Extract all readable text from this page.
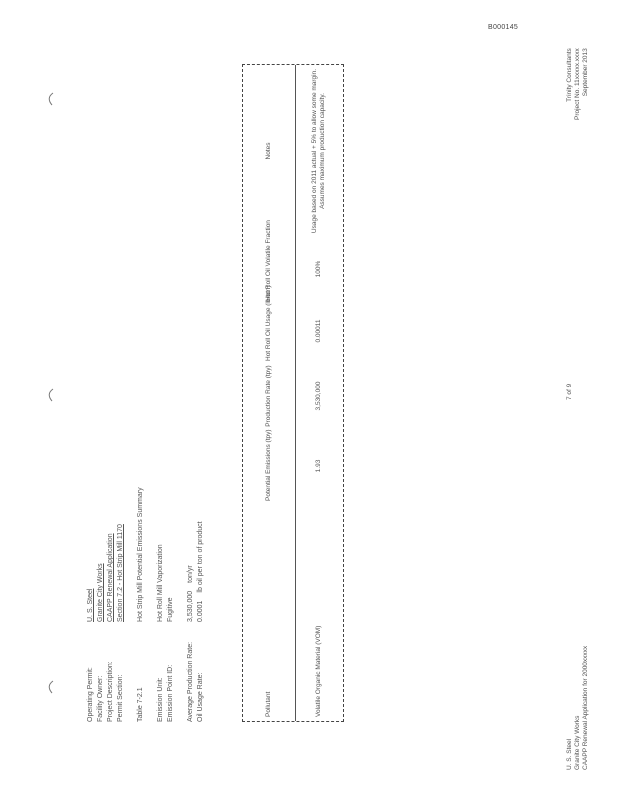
B000145
Operating Permit:
U. S. Steel
Facility Owner:
Granite City Works
Project Description:
CAAPP Renewal Application
Permit Section:
Section 7.2 - Hot Strip Mill 1170
Table 7-2.1
Hot Strip Mill Potential Emissions Summary
Emission Unit:
Hot Roll Mill Vaporization
Emission Point ID:
Fugitive
Average Production Rate:
3,530,000
ton/yr
Oil Usage Rate:
0.0001
lb oil per ton of product
Pollutant
Potential Emissions (tpy)
Production Rate (tpy)
Hot Roll Oil Usage (lb/ton)
Hot Roll Oil Volatile Fraction
Notes
Volatile Organic Material (VOM)
1.93
3,530,000
0.00011
100%
Usage based on 2011 actual + 5% to allow some margin. Assumes maximum production capacity.
U. S. Steel Granite City Works CAAPP Renewal Application for 2000xxxxx
7 of 9
Trinity Consultants Project No. 11xxxxx.xxxx September 2013
